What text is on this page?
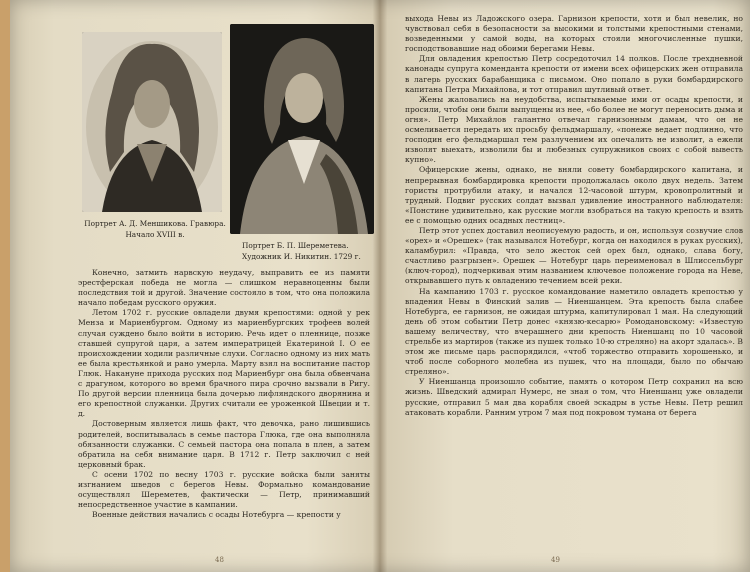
Портрет А. Д. Меншикова. Гравюра. Начало XVIII в.
Портрет Б. П. Шереметева.
Художник И. Никитин. 1729 г.

Конечно, затмить нарвскую неудачу, выправить ее из памяти эрестферская победа не могла — слишком неравноценны были последствия той и другой. Значение состояло в том, что она положила начало победам русского оружия.

Летом 1702 г. русские овладели двумя крепостями: одной у рек Мензa и Мариенбургом. Одному из мариенбургских трофеев волей случая суждено было войти в историю. Речь идет о пленнице, позже ставшей супругой царя, а затем императрицей Екатериной I. О ее происхождении ходили различные слухи. Согласно одному из них мать ее была крестьянкой и рано умерла. Марту взял на воспитание пастор Глюк. Накануне прихода русских под Мариенбург она была обвенчана с драгуном, которого во время брачного пира срочно вызвали в Ригу. По другой версии пленница была дочерью лифляндского дворянина и его крепостной служанки. Других считали ее уроженкой Швеции и т. д.

Достоверным является лишь факт, что девочка, рано лишившись родителей, воспитывалась в семье пастора Глюка, где она выполняла обязанности служанки. С семьей пастора она попала в плен, а затем обратила на себя внимание царя. В 1712 г. Петр заключил с ней церковный брак.

С осени 1702 по весну 1703 г. русские войска были заняты изгнанием шведов с берегов Невы. Формально командование осуществлял Шереметев, фактически — Петр, принимавший непосредственное участие в кампании.

Военные действия начались с осады Нотебурга — крепости у

48

выхода Невы из Ладожского озера. Гарнизон крепости, хотя и был невелик, но чувствовал себя в безопасности за высокими и толстыми крепостными стенами, возведенными у самой воды, на которых стояли многочисленные пушки, господствовавшие над обоими берегами Невы.

Для овладения крепостью Петр сосредоточил 14 полков. После трехдневной канонады супруга коменданта крепости от имени всех офицерских жен отправила в лагерь русских барабанщика с письмом. Оно попало в руки бомбардирского капитана Петра Михайлова, и тот отправил шутливый ответ.

Жены жаловались на неудобства, испытываемые ими от осады крепости, и просили, чтобы они были выпущены из нее, «бо более не могут переносить дыма и огня». Петр Михайлов галантно отвечал гарнизонным дамам, что он не осмеливается передать их просьбу фельдмаршалу, «понеже ведает подлинно, что господин его фельдмаршал тем разлучением их опечалить не изволит, а ежели изволят выехать, изволили бы и любезных супружников своих с собой вывесть купно».

Офицерские жены, однако, не вняли совету бомбардирского капитана, и непрерывная бомбардировка крепости продолжалась около двух недель. Затем гористы протрубили атаку, и начался 12-часовой штурм, кровопролитный и трудный. Подвиг русских солдат вызвал удивление иностранного наблюдателя: «Понстине удивительно, как русские могли взобраться на такую крепость и взять ее с помощью одних осадных лестниц».

Петр этот успех доставил неописуемую радость, и он, используя созвучие слов «орех» и «Орешек» (так назывался Нотебург, когда он находился в руках русских), каламбурил: «Правда, что зело жесток сей орех был, однако, слава богу, счастливо разгрызен». Орешек — Нотебург царь переименовал в Шлиссельбург (ключ-город), подчеркивая этим названием ключевое положение города на Неве, открывавшего путь к овладению течением всей реки.

На кампанию 1703 г. русское командование наметило овладеть крепостью у впадения Невы в Финский залив — Ниеншанцем. Эта крепость была слабее Нотебурга, ее гарнизон, не ожидая штурма, капитулировал 1 мая. На следующий день об этом событии Петр донес «князю-кесарю» Ромодановскому: «Известую вашему величеству, что вчерашнего дни крепость Ниеншанц по 10 часовой стрельбе из мартиров (также из пушек только 10-ю стреляно) на акорт здалась». В этом же письме царь распорядился, «чтоб торжество отправить хорошенько, и чтоб после соборного молебна из пушек, что на площади, было по обычаю стреляно».

У Ниеншанца произошло событие, память о котором Петр сохранил на всю жизнь. Шведский адмирал Нумерс, не зная о том, что Ниеншанц уже овладели русские, отправил 5 мая два корабля своей эскадры в устье Невы. Петр решил атаковать корабли. Ранним утром 7 мая под покровом тумана от берега

49
